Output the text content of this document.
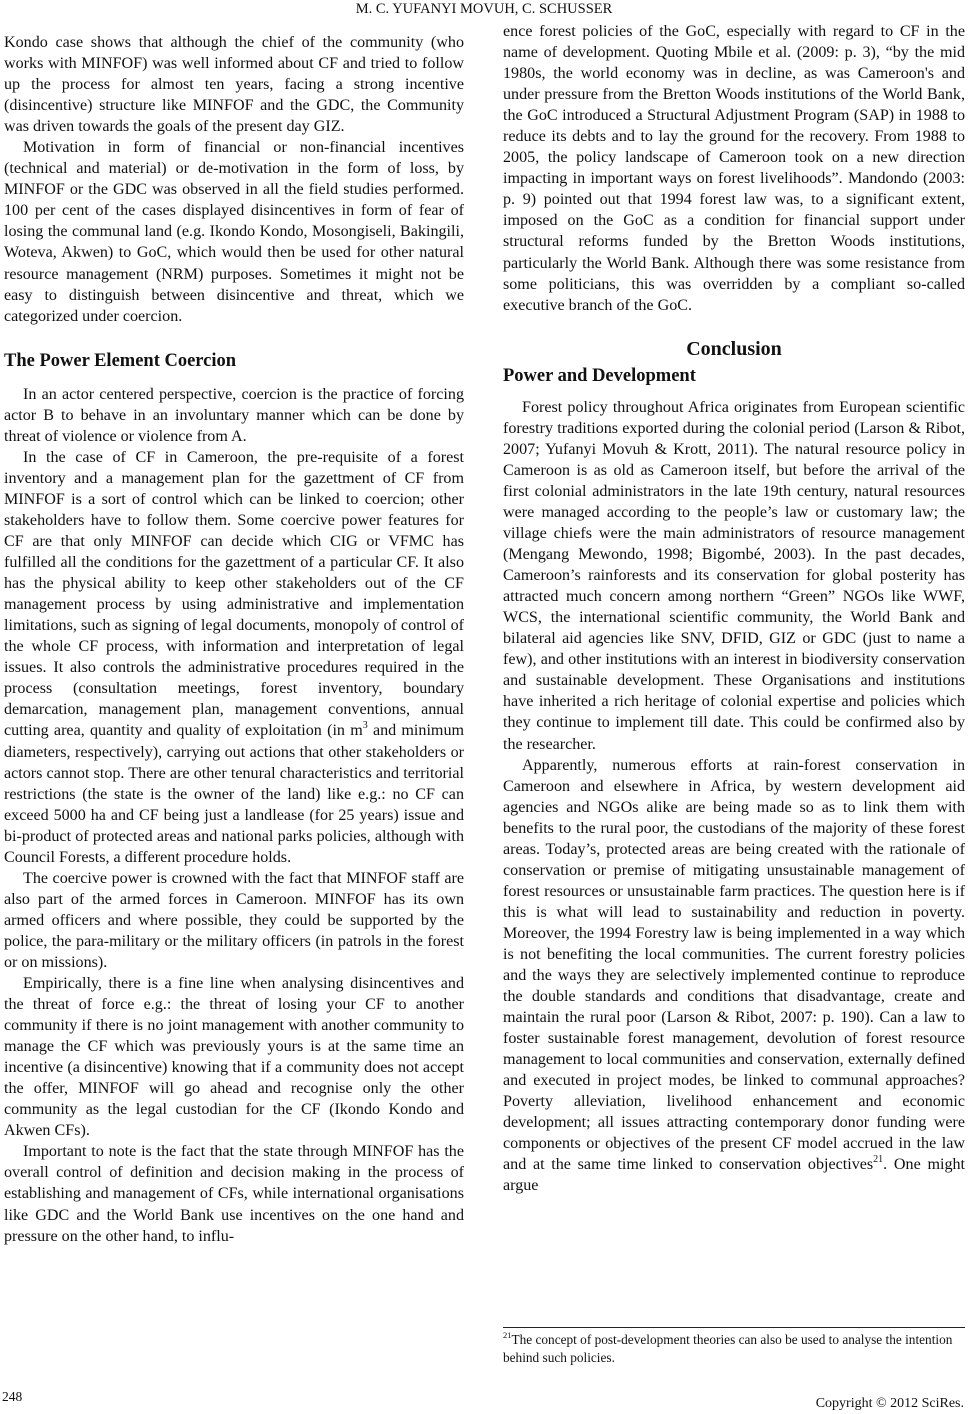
M. C. YUFANYI MOVUH, C. SCHUSSER

Kondo case shows that although the chief of the community (who works with MINFOF) was well informed about CF and tried to follow up the process for almost ten years, facing a strong incentive (disincentive) structure like MINFOF and the GDC, the Community was driven towards the goals of the present day GIZ.

Motivation in form of financial or non-financial incentives (technical and material) or de-motivation in the form of loss, by MINFOF or the GDC was observed in all the field studies performed. 100 per cent of the cases displayed disincentives in form of fear of losing the communal land (e.g. Ikondo Kondo, Mosongiseli, Bakingili, Woteva, Akwen) to GoC, which would then be used for other natural resource management (NRM) purposes. Sometimes it might not be easy to distinguish between disincentive and threat, which we categorized under coercion.

The Power Element Coercion

In an actor centered perspective, coercion is the practice of forcing actor B to behave in an involuntary manner which can be done by threat of violence or violence from A.

In the case of CF in Cameroon, the pre-requisite of a forest inventory and a management plan for the gazettment of CF from MINFOF is a sort of control which can be linked to coercion; other stakeholders have to follow them. Some coercive power features for CF are that only MINFOF can decide which CIG or VFMC has fulfilled all the conditions for the gazettment of a particular CF. It also has the physical ability to keep other stakeholders out of the CF management process by using administrative and implementation limitations, such as signing of legal documents, monopoly of control of the whole CF process, with information and interpretation of legal issues. It also controls the administrative procedures required in the process (consultation meetings, forest inventory, boundary demarcation, management plan, management conventions, annual cutting area, quantity and quality of exploitation (in $m^3$ and minimum diameters, respectively), carrying out actions that other stakeholders or actors cannot stop. There are other tenural characteristics and territorial restrictions (the state is the owner of the land) like e.g.: no CF can exceed 5000 ha and CF being just a landlease (for 25 years) issue and bi-product of protected areas and national parks policies, although with Council Forests, a different procedure holds.

The coercive power is crowned with the fact that MINFOF staff are also part of the armed forces in Cameroon. MINFOF has its own armed officers and where possible, they could be supported by the police, the para-military or the military officers (in patrols in the forest or on missions).

Empirically, there is a fine line when analysing disincentives and the threat of force e.g.: the threat of losing your CF to another community if there is no joint management with another community to manage the CF which was previously yours is at the same time an incentive (a disincentive) knowing that if a community does not accept the offer, MINFOF will go ahead and recognise only the other community as the legal custodian for the CF (Ikondo Kondo and Akwen CFs).

Important to note is the fact that the state through MINFOF has the overall control of definition and decision making in the process of establishing and management of CFs, while international organisations like GDC and the World Bank use incentives on the one hand and pressure on the other hand, to influ-

ence forest policies of the GoC, especially with regard to CF in the name of development. Quoting Mbile et al. (2009: p. 3), “by the mid 1980s, the world economy was in decline, as was Cameroon's and under pressure from the Bretton Woods institutions of the World Bank, the GoC introduced a Structural Adjustment Program (SAP) in 1988 to reduce its debts and to lay the ground for the recovery. From 1988 to 2005, the policy landscape of Cameroon took on a new direction impacting in important ways on forest livelihoods”. Mandondo (2003: p. 9) pointed out that 1994 forest law was, to a significant extent, imposed on the GoC as a condition for financial support under structural reforms funded by the Bretton Woods institutions, particularly the World Bank. Although there was some resistance from some politicians, this was overridden by a compliant so-called executive branch of the GoC.

Conclusion
Power and Development

Forest policy throughout Africa originates from European scientific forestry traditions exported during the colonial period (Larson & Ribot, 2007; Yufanyi Movuh & Krott, 2011). The natural resource policy in Cameroon is as old as Cameroon itself, but before the arrival of the first colonial administrators in the late 19th century, natural resources were managed according to the people’s law or customary law; the village chiefs were the main administrators of resource management (Mengang Mewondo, 1998; Bigombé, 2003). In the past decades, Cameroon’s rainforests and its conservation for global posterity has attracted much concern among northern “Green” NGOs like WWF, WCS, the international scientific community, the World Bank and bilateral aid agencies like SNV, DFID, GIZ or GDC (just to name a few), and other institutions with an interest in biodiversity conservation and sustainable development. These Organisations and institutions have inherited a rich heritage of colonial expertise and policies which they continue to implement till date. This could be confirmed also by the researcher.

Apparently, numerous efforts at rain-forest conservation in Cameroon and elsewhere in Africa, by western development aid agencies and NGOs alike are being made so as to link them with benefits to the rural poor, the custodians of the majority of these forest areas. Today’s, protected areas are being created with the rationale of conservation or premise of mitigating unsustainable management of forest resources or unsustainable farm practices. The question here is if this is what will lead to sustainability and reduction in poverty. Moreover, the 1994 Forestry law is being implemented in a way which is not benefiting the local communities. The current forestry policies and the ways they are selectively implemented continue to reproduce the double standards and conditions that disadvantage, create and maintain the rural poor (Larson & Ribot, 2007: p. 190). Can a law to foster sustainable forest management, devolution of forest resource management to local communities and conservation, externally defined and executed in project modes, be linked to communal approaches? Poverty alleviation, livelihood enhancement and economic development; all issues attracting contemporary donor funding were components or objectives of the present CF model accrued in the law and at the same time linked to conservation objectives$^{21}$. One might argue

$^{21}$The concept of post-development theories can also be used to analyse the intention behind such policies.
248	Copyright © 2012 SciRes.
